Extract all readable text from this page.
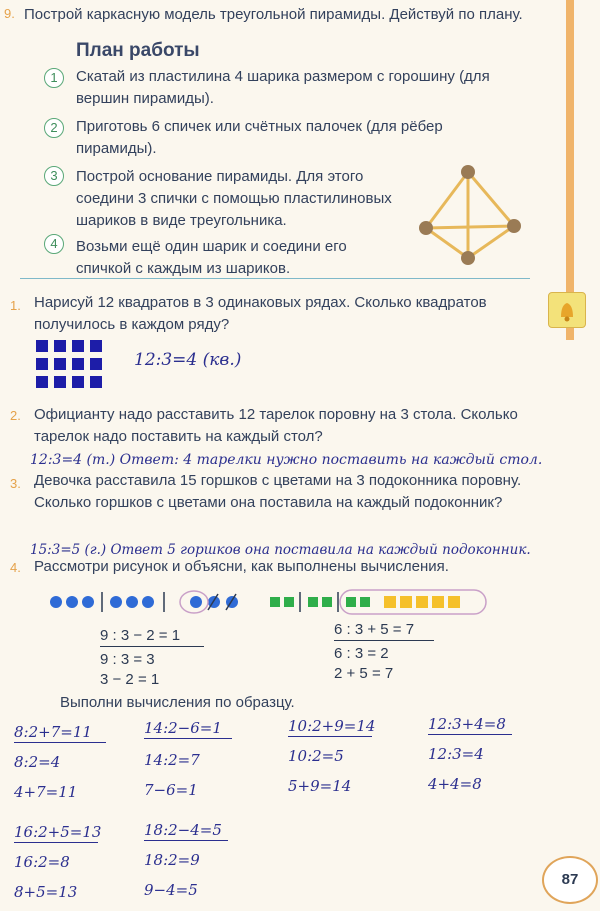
9. Построй каркасную модель треугольной пирамиды. Действуй по плану.
План работы
1	Скатай из пластилина 4 шарика размером с горошину (для вершин пирамиды).
2	Приготовь 6 спичек или счётных палочек (для рёбер пирамиды).
3	Построй основание пирамиды. Для этого соедини 3 спички с помощью пластилиновых шариков в виде треугольника.
4	Возьми ещё один шарик и соедини его спичкой с каждым из шариков.
1. Нарисуй 12 квадратов в 3 одинаковых рядах. Сколько квадратов получилось в каждом ряду?
12:3=4 (кв.)
2. Официанту надо расставить 12 тарелок поровну на 3 стола. Сколько тарелок надо поставить на каждый стол?
12:3=4 (т.) Ответ: 4 тарелки нужно поставить на каждый стол.
3. Девочка расставила 15 горшков с цветами на 3 подоконника поровну. Сколько горшков с цветами она поставила на каждый подоконник?
15:3=5 (г.) Ответ 5 горшков она поставила на каждый подоконник.
4. Рассмотри рисунок и объясни, как выполнены вычисления.
9 : 3 − 2 = 1
9 : 3 = 3
3 − 2 = 1
6 : 3 + 5 = 7
6 : 3 = 2
2 + 5 = 7
Выполни вычисления по образцу.
8:2+7=11
8:2=4
4+7=11
14:2−6=1
14:2=7
7−6=1
10:2+9=14
10:2=5
5+9=14
12:3+4=8
12:3=4
4+4=8
16:2+5=13
16:2=8
8+5=13
18:2−4=5
18:2=9
9−4=5
87
